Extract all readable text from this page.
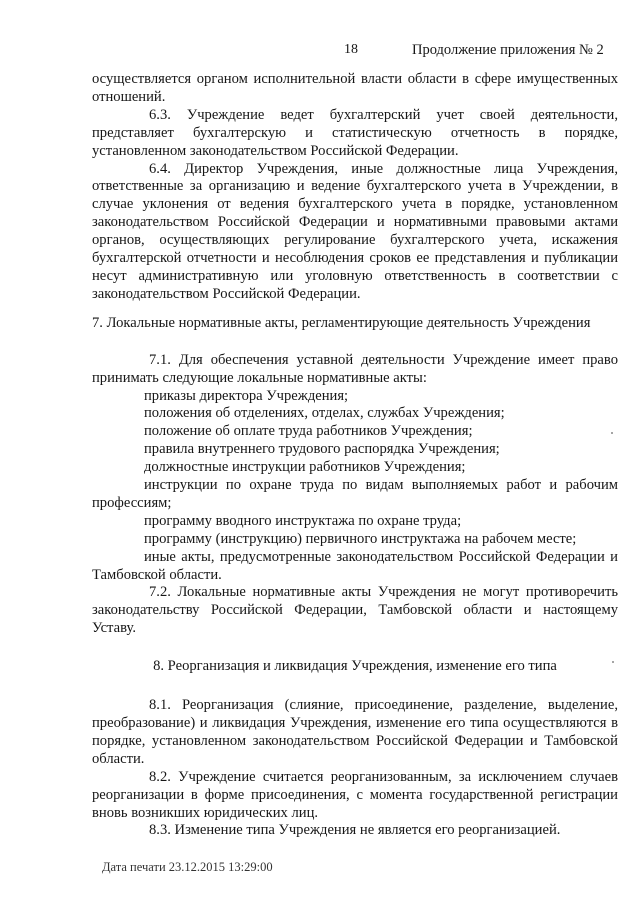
18	Продолжение приложения № 2

осуществляется органом исполнительной власти области в сфере имущественных отношений.

6.3. Учреждение ведет бухгалтерский учет своей деятельности, представляет бухгалтерскую и статистическую отчетность в порядке, установленном законодательством Российской Федерации.

6.4. Директор Учреждения, иные должностные лица Учреждения, ответственные за организацию и ведение бухгалтерского учета в Учреждении, в случае уклонения от ведения бухгалтерского учета в порядке, установленном законодательством Российской Федерации и нормативными правовыми актами органов, осуществляющих регулирование бухгалтерского учета, искажения бухгалтерской отчетности и несоблюдения сроков ее представления и публикации несут административную или уголовную ответственность в соответствии с законодательством Российской Федерации.

7. Локальные нормативные акты, регламентирующие деятельность Учреждения

7.1. Для обеспечения уставной деятельности Учреждение имеет право принимать следующие локальные нормативные акты:

приказы директора Учреждения;

положения об отделениях, отделах, службах Учреждения;

положение об оплате труда работников Учреждения;

правила внутреннего трудового распорядка Учреждения;

должностные инструкции работников Учреждения;

инструкции по охране труда по видам выполняемых работ и рабочим профессиям;

программу вводного инструктажа по охране труда;

программу (инструкцию) первичного инструктажа на рабочем месте;

иные акты, предусмотренные законодательством Российской Федерации и Тамбовской области.

7.2. Локальные нормативные акты Учреждения не могут противоречить законодательству Российской Федерации, Тамбовской области и настоящему Уставу.

8. Реорганизация и ликвидация Учреждения, изменение его типа

8.1. Реорганизация (слияние, присоединение, разделение, выделение, преобразование) и ликвидация Учреждения, изменение его типа осуществляются в порядке, установленном законодательством Российской Федерации и Тамбовской области.

8.2. Учреждение считается реорганизованным, за исключением случаев реорганизации в форме присоединения, с момента государственной регистрации вновь возникших юридических лиц.

8.3. Изменение типа Учреждения не является его реорганизацией.

Дата печати 23.12.2015 13:29:00
